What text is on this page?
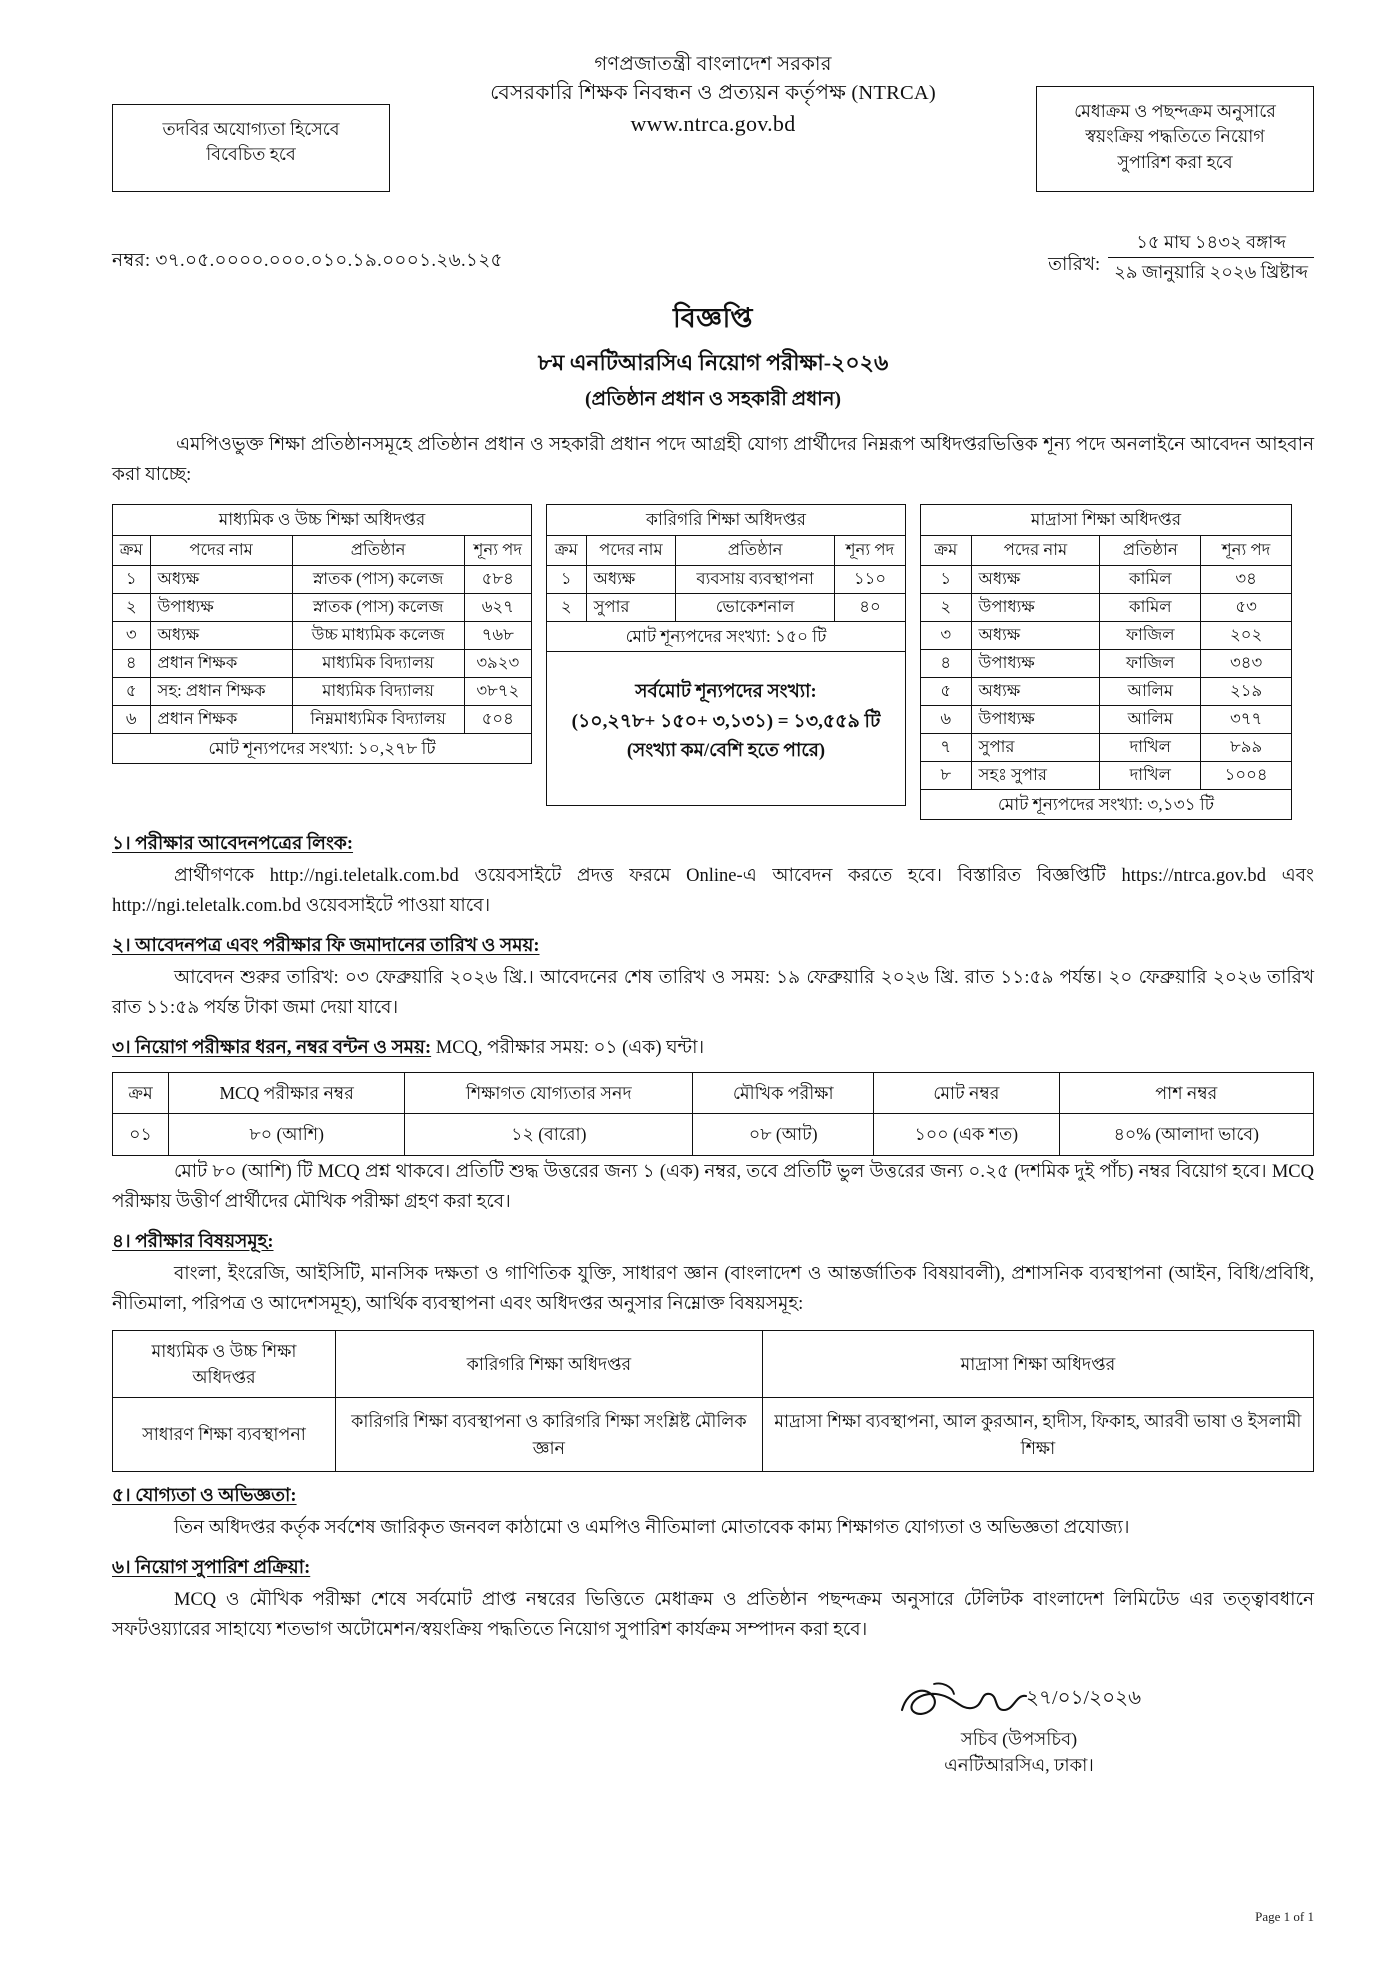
গণপ্রজাতন্ত্রী বাংলাদেশ সরকার
বেসরকারি শিক্ষক নিবন্ধন ও প্রত্যয়ন কর্তৃপক্ষ (NTRCA)
www.ntrca.gov.bd
তদবির অযোগ্যতা হিসেবে
বিবেচিত হবে
মেধাক্রম ও পছন্দক্রম অনুসারে
স্বয়ংক্রিয় পদ্ধতিতে নিয়োগ
সুপারিশ করা হবে
নম্বর: ৩৭.০৫.০০০০.০০০.০১০.১৯.০০০১.২৬.১২৫	তারিখ:
১৫ মাঘ ১৪৩২ বঙ্গাব্দ
২৯ জানুয়ারি ২০২৬ খ্রিষ্টাব্দ
বিজ্ঞপ্তি
৮ম এনটিআরসিএ নিয়োগ পরীক্ষা-২০২৬
(প্রতিষ্ঠান প্রধান ও সহকারী প্রধান)
এমপিওভুক্ত শিক্ষা প্রতিষ্ঠানসমূহে প্রতিষ্ঠান প্রধান ও সহকারী প্রধান পদে আগ্রহী যোগ্য প্রার্থীদের নিম্নরূপ অধিদপ্তরভিত্তিক শূন্য পদে অনলাইনে আবেদন আহবান করা যাচ্ছে:
মাধ্যমিক ও উচ্চ শিক্ষা অধিদপ্তর			
ক্রম	পদের নাম	প্রতিষ্ঠান	শূন্য পদ
১	অধ্যক্ষ	স্নাতক (পাস) কলেজ	৫৮৪
২	উপাধ্যক্ষ	স্নাতক (পাস) কলেজ	৬২৭
৩	অধ্যক্ষ	উচ্চ মাধ্যমিক কলেজ	৭৬৮
৪	প্রধান শিক্ষক	মাধ্যমিক বিদ্যালয়	৩৯২৩
৫	সহ: প্রধান শিক্ষক	মাধ্যমিক বিদ্যালয়	৩৮৭২
৬	প্রধান শিক্ষক	নিম্নমাধ্যমিক বিদ্যালয়	৫০৪
মোট শূন্যপদের সংখ্যা: ১০,২৭৮ টি			
কারিগরি শিক্ষা অধিদপ্তর			
ক্রম	পদের নাম	প্রতিষ্ঠান	শূন্য পদ
১	অধ্যক্ষ	ব্যবসায় ব্যবস্থাপনা	১১০
২	সুপার	ভোকেশনাল	৪০
মোট শূন্যপদের সংখ্যা: ১৫০ টি			
সর্বমোট শূন্যপদের সংখ্যা:
(১০,২৭৮+ ১৫০+ ৩,১৩১) = ১৩,৫৫৯ টি
(সংখ্যা কম/বেশি হতে পারে)
মাদ্রাসা শিক্ষা অধিদপ্তর			
ক্রম	পদের নাম	প্রতিষ্ঠান	শূন্য পদ
১	অধ্যক্ষ	কামিল	৩৪
২	উপাধ্যক্ষ	কামিল	৫৩
৩	অধ্যক্ষ	ফাজিল	২০২
৪	উপাধ্যক্ষ	ফাজিল	৩৪৩
৫	অধ্যক্ষ	আলিম	২১৯
৬	উপাধ্যক্ষ	আলিম	৩৭৭
৭	সুপার	দাখিল	৮৯৯
৮	সহঃ সুপার	দাখিল	১০০৪
মোট শূন্যপদের সংখ্যা: ৩,১৩১ টি			
১। পরীক্ষার আবেদনপত্রের লিংক:
প্রার্থীগণকে http://ngi.teletalk.com.bd ওয়েবসাইটে প্রদত্ত ফরমে Online-এ আবেদন করতে হবে। বিস্তারিত বিজ্ঞপ্তিটি https://ntrca.gov.bd এবং http://ngi.teletalk.com.bd ওয়েবসাইটে পাওয়া যাবে।
২। আবেদনপত্র এবং পরীক্ষার ফি জমাদানের তারিখ ও সময়:
আবেদন শুরুর তারিখ: ০৩ ফেব্রুয়ারি ২০২৬ খ্রি.। আবেদনের শেষ তারিখ ও সময়: ১৯ ফেব্রুয়ারি ২০২৬ খ্রি. রাত ১১:৫৯ পর্যন্ত। ২০ ফেব্রুয়ারি ২০২৬ তারিখ রাত ১১:৫৯ পর্যন্ত টাকা জমা দেয়া যাবে।
৩। নিয়োগ পরীক্ষার ধরন, নম্বর বন্টন ও সময়: MCQ, পরীক্ষার সময়: ০১ (এক) ঘন্টা।
ক্রম	MCQ পরীক্ষার নম্বর	শিক্ষাগত যোগ্যতার সনদ	মৌখিক পরীক্ষা	মোট নম্বর	পাশ নম্বর
০১	৮০ (আশি)	১২ (বারো)	০৮ (আট)	১০০ (এক শত)	৪০% (আলাদা ভাবে)
মোট ৮০ (আশি) টি MCQ প্রশ্ন থাকবে। প্রতিটি শুদ্ধ উত্তরের জন্য ১ (এক) নম্বর, তবে প্রতিটি ভুল উত্তরের জন্য ০.২৫ (দশমিক দুই পাঁচ) নম্বর বিয়োগ হবে। MCQ পরীক্ষায় উত্তীর্ণ প্রার্থীদের মৌখিক পরীক্ষা গ্রহণ করা হবে।
৪। পরীক্ষার বিষয়সমূহ:
বাংলা, ইংরেজি, আইসিটি, মানসিক দক্ষতা ও গাণিতিক যুক্তি, সাধারণ জ্ঞান (বাংলাদেশ ও আন্তর্জাতিক বিষয়াবলী), প্রশাসনিক ব্যবস্থাপনা (আইন, বিধি/প্রবিধি, নীতিমালা, পরিপত্র ও আদেশসমূহ), আর্থিক ব্যবস্থাপনা এবং অধিদপ্তর অনুসার নিম্নোক্ত বিষয়সমূহ:
মাধ্যমিক ও উচ্চ শিক্ষা অধিদপ্তর	কারিগরি শিক্ষা অধিদপ্তর	মাদ্রাসা শিক্ষা অধিদপ্তর
সাধারণ শিক্ষা ব্যবস্থাপনা	কারিগরি শিক্ষা ব্যবস্থাপনা ও কারিগরি শিক্ষা সংশ্লিষ্ট মৌলিক জ্ঞান	মাদ্রাসা শিক্ষা ব্যবস্থাপনা, আল কুরআন, হাদীস, ফিকাহ, আরবী ভাষা ও ইসলামী শিক্ষা
৫। যোগ্যতা ও অভিজ্ঞতা:
তিন অধিদপ্তর কর্তৃক সর্বশেষ জারিকৃত জনবল কাঠামো ও এমপিও নীতিমালা মোতাবেক কাম্য শিক্ষাগত যোগ্যতা ও অভিজ্ঞতা প্রযোজ্য।
৬। নিয়োগ সুপারিশ প্রক্রিয়া:
MCQ ও মৌখিক পরীক্ষা শেষে সর্বমোট প্রাপ্ত নম্বরের ভিত্তিতে মেধাক্রম ও প্রতিষ্ঠান পছন্দক্রম অনুসারে টেলিটক বাংলাদেশ লিমিটেড এর তত্ত্বাবধানে সফটওয়্যারের সাহায্যে শতভাগ অটোমেশন/স্বয়ংক্রিয় পদ্ধতিতে নিয়োগ সুপারিশ কার্যক্রম সম্পাদন করা হবে।
২৭/০১/২০২৬
সচিব (উপসচিব)
এনটিআরসিএ, ঢাকা।
Page 1 of 1
